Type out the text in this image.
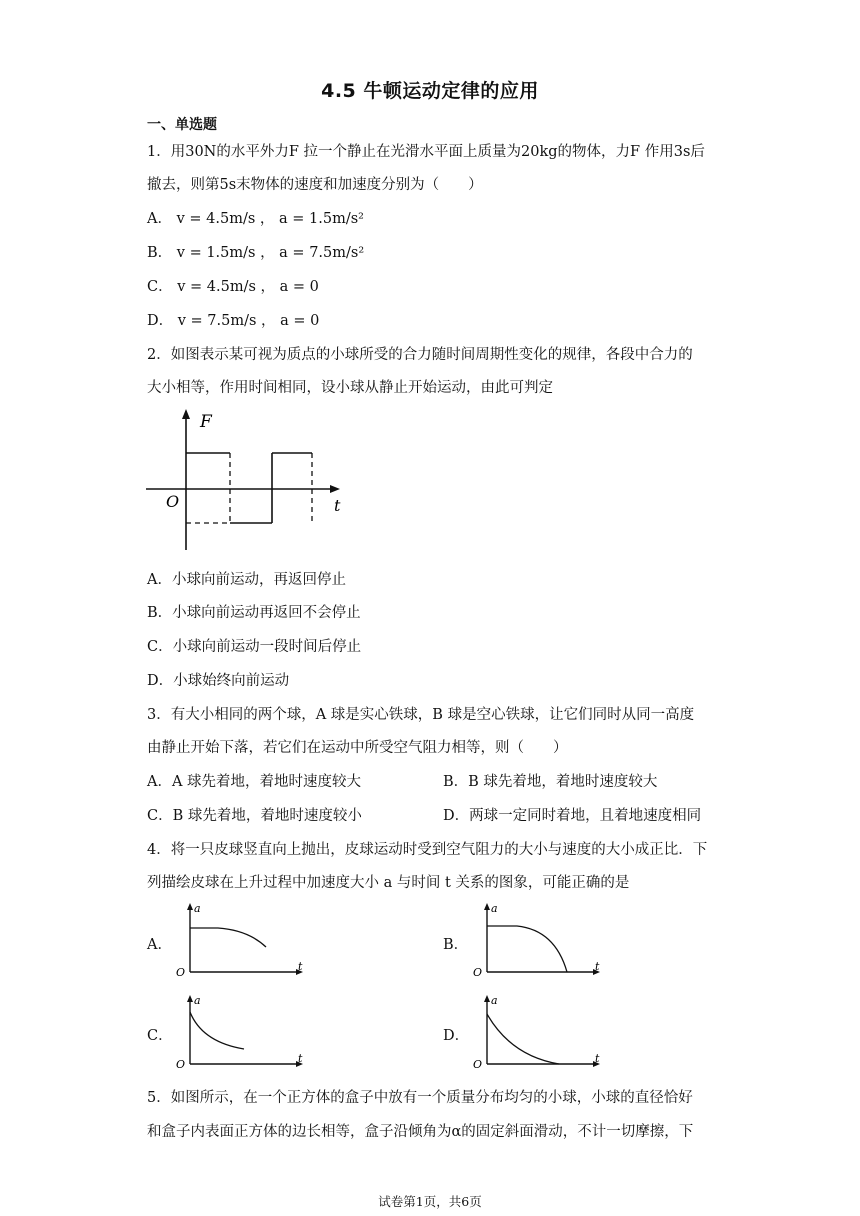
4.5 牛顿运动定律的应用
一、单选题
1．用30N的水平外力F 拉一个静止在光滑水平面上质量为20kg的物体，力F 作用3s后
撤去，则第5s末物体的速度和加速度分别为（　　）
A． v = 4.5m/s ， a = 1.5m/s²
B． v = 1.5m/s ， a = 7.5m/s²
C． v = 4.5m/s ， a = 0
D． v = 7.5m/s ， a = 0
2．如图表示某可视为质点的小球所受的合力随时间周期性变化的规律，各段中合力的
大小相等，作用时间相同，设小球从静止开始运动，由此可判定
F
O	t
A．小球向前运动，再返回停止
B．小球向前运动再返回不会停止
C．小球向前运动一段时间后停止
D．小球始终向前运动
3．有大小相同的两个球，A 球是实心铁球，B 球是空心铁球，让它们同时从同一高度
由静止开始下落，若它们在运动中所受空气阻力相等，则（　　）
A．A 球先着地，着地时速度较大	B．B 球先着地，着地时速度较大
C．B 球先着地，着地时速度较小	D．两球一定同时着地，且着地速度相同
4．将一只皮球竖直向上抛出，皮球运动时受到空气阻力的大小与速度的大小成正比．下
列描绘皮球在上升过程中加速度大小 a 与时间 t 关系的图象，可能正确的是
A．	B．
C．	D．
a
O	t
a
O	t
a
O	t
a
O	t
5．如图所示，在一个正方体的盒子中放有一个质量分布均匀的小球，小球的直径恰好
和盒子内表面正方体的边长相等，盒子沿倾角为α的固定斜面滑动，不计一切摩擦，下
试卷第1页，共6页
